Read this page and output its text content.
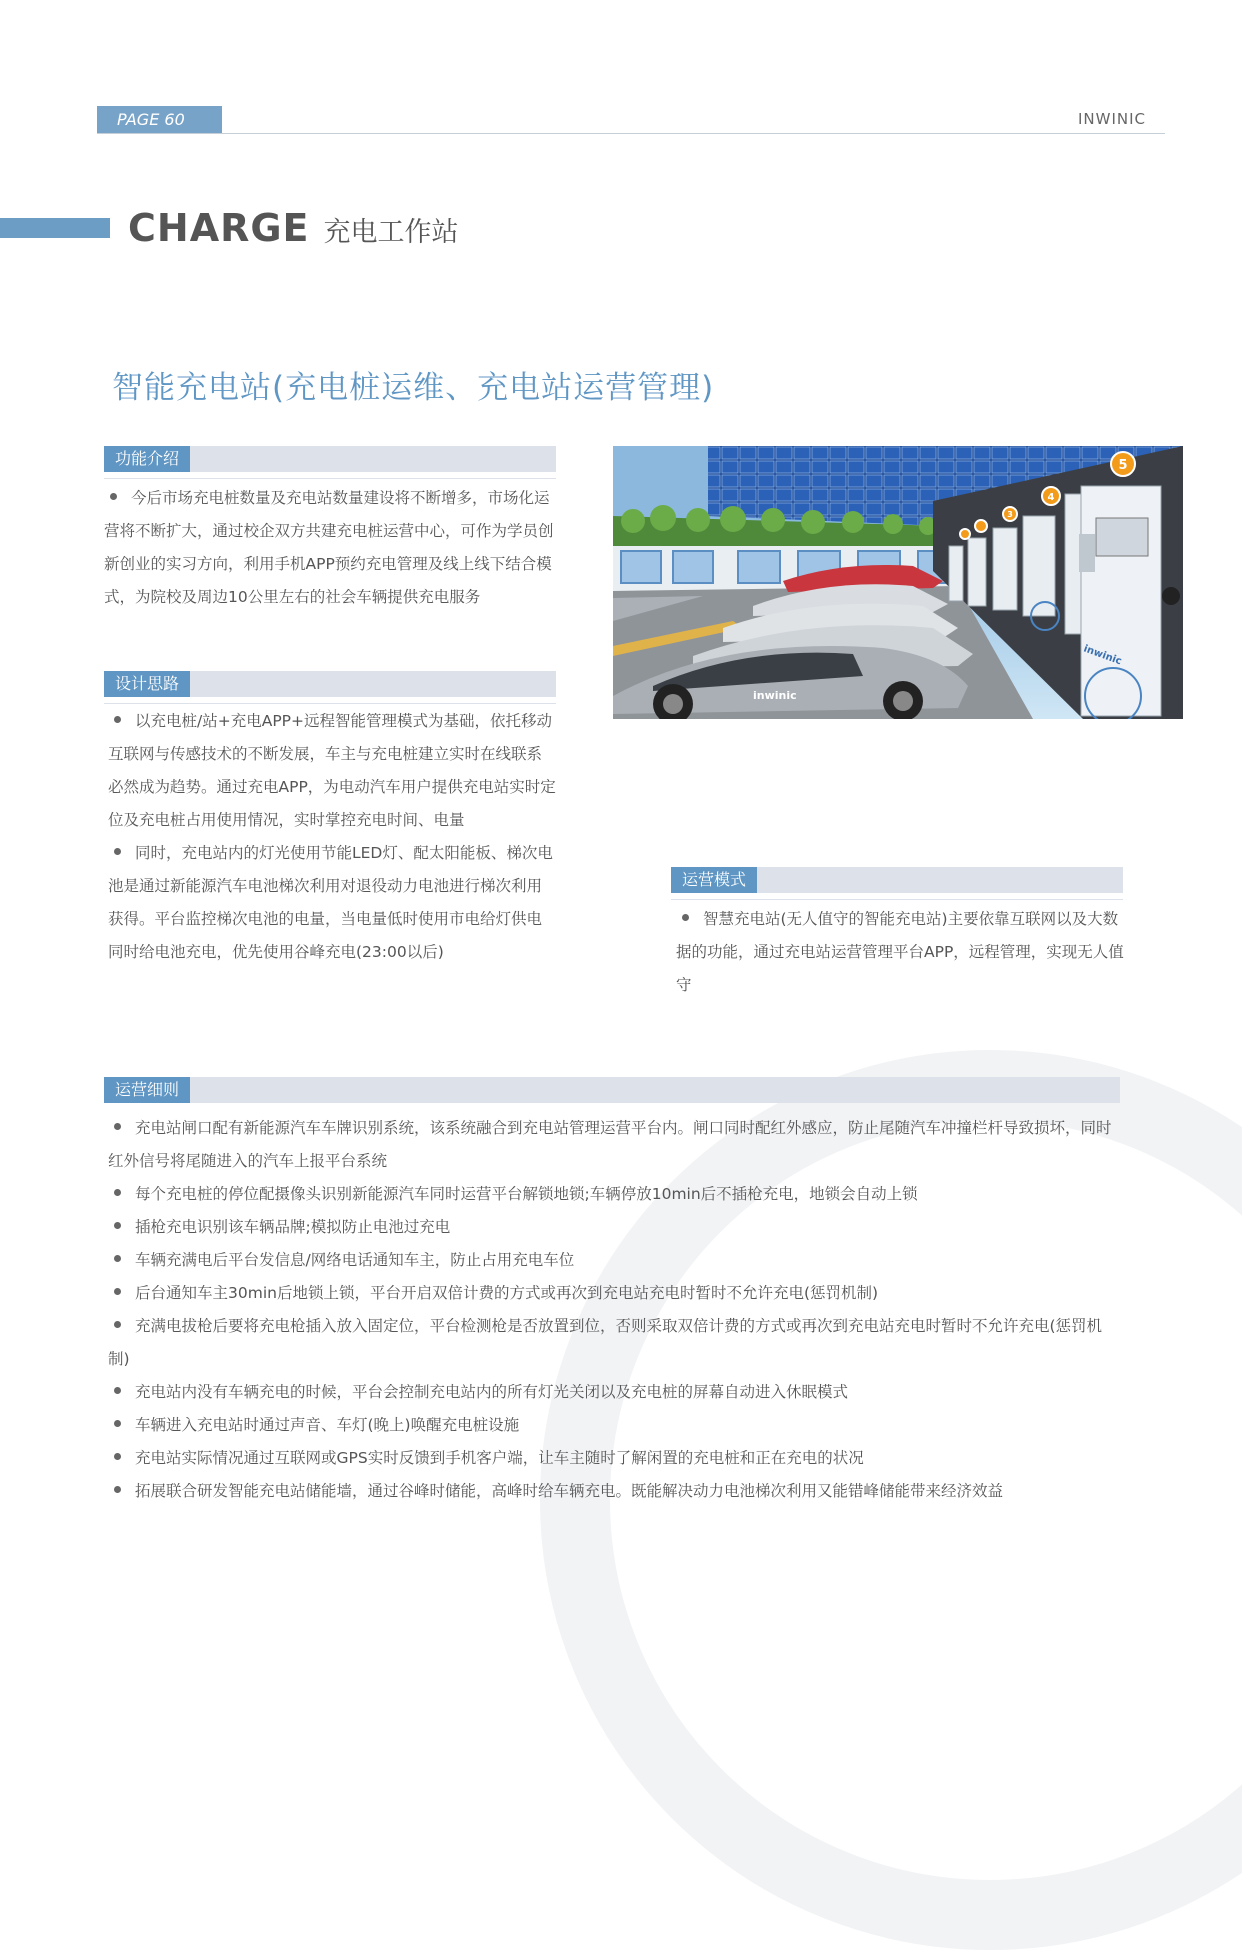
PAGE 60	INWINIC
CHARGE 充电工作站
智能充电站(充电桩运维、充电站运营管理)
功能介绍

今后市场充电桩数量及充电站数量建设将不断增多，市场化运营将不断扩大，通过校企双方共建充电桩运营中心，可作为学员创新创业的实习方向，利用手机APP预约充电管理及线上线下结合模式，为院校及周边10公里左右的社会车辆提供充电服务

设计思路

以充电桩/站+充电APP+远程智能管理模式为基础，依托移动互联网与传感技术的不断发展，车主与充电桩建立实时在线联系必然成为趋势。通过充电APP，为电动汽车用户提供充电站实时定位及充电桩占用使用情况，实时掌控充电时间、电量

同时，充电站内的灯光使用节能LED灯、配太阳能板、梯次电池是通过新能源汽车电池梯次利用对退役动力电池进行梯次利用获得。平台监控梯次电池的电量，当电量低时使用市电给灯供电同时给电池充电，优先使用谷峰充电(23:00以后)

5
4
3
inwinic
inwinic
运营模式

智慧充电站(无人值守的智能充电站)主要依靠互联网以及大数据的功能，通过充电站运营管理平台APP，远程管理，实现无人值守

运营细则

充电站闸口配有新能源汽车车牌识别系统，该系统融合到充电站管理运营平台内。闸口同时配红外感应，防止尾随汽车冲撞栏杆导致损坏，同时红外信号将尾随进入的汽车上报平台系统

每个充电桩的停位配摄像头识别新能源汽车同时运营平台解锁地锁;车辆停放10min后不插枪充电，地锁会自动上锁

插枪充电识别该车辆品牌;模拟防止电池过充电

车辆充满电后平台发信息/网络电话通知车主，防止占用充电车位

后台通知车主30min后地锁上锁，平台开启双倍计费的方式或再次到充电站充电时暂时不允许充电(惩罚机制)

充满电拔枪后要将充电枪插入放入固定位，平台检测枪是否放置到位，否则采取双倍计费的方式或再次到充电站充电时暂时不允许充电(惩罚机制)

充电站内没有车辆充电的时候，平台会控制充电站内的所有灯光关闭以及充电桩的屏幕自动进入休眠模式

车辆进入充电站时通过声音、车灯(晚上)唤醒充电桩设施

充电站实际情况通过互联网或GPS实时反馈到手机客户端，让车主随时了解闲置的充电桩和正在充电的状况

拓展联合研发智能充电站储能墙，通过谷峰时储能，高峰时给车辆充电。既能解决动力电池梯次利用又能错峰储能带来经济效益
